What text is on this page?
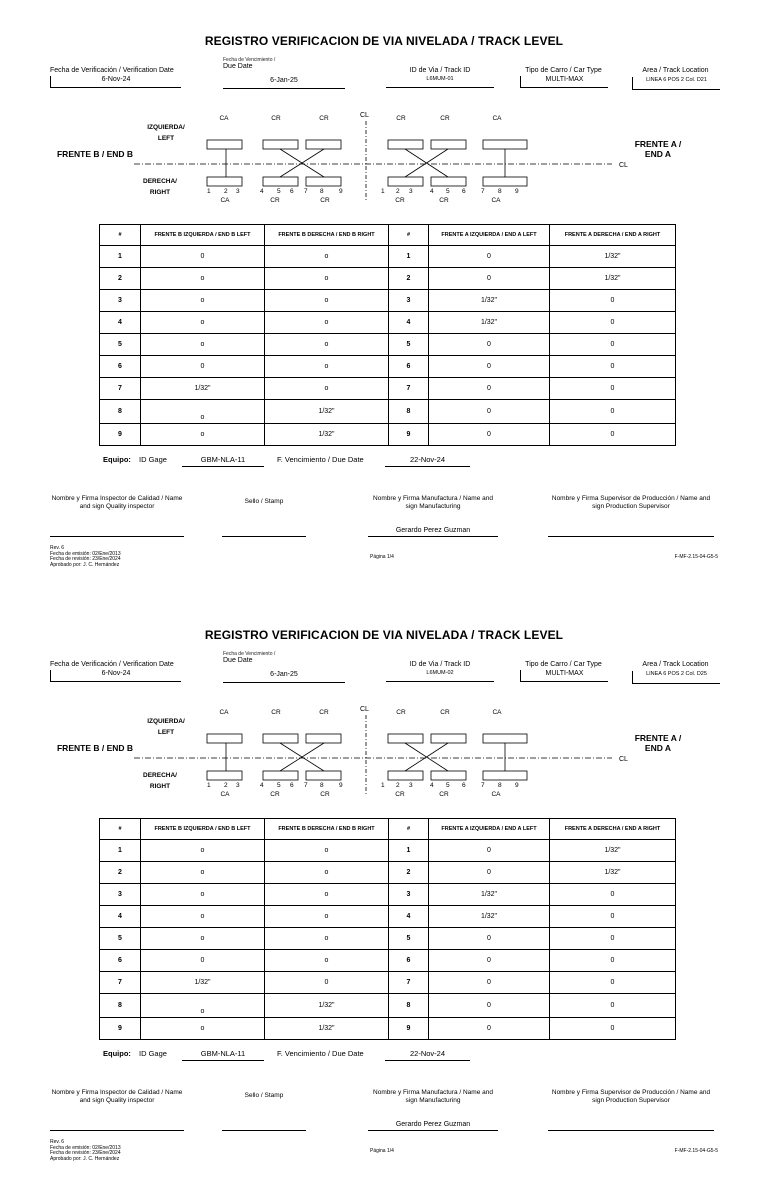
REGISTRO VERIFICACION DE VIA NIVELADA / TRACK LEVEL
Fecha de Verificación / Verification Date
6-Nov-24
Fecha de Vencimiento /
Due Date
6-Jan-25
ID de Via / Track ID
L6MUM-01
Tipo de Carro / Car Type
MULTI-MAX
Area / Track Location
LINEA 6 POS 2 Col. D21
IZQUIERDA/
LEFT
DERECHA/
RIGHT
FRENTE B / END B
FRENTE A / END A
CL
CL
CA	CR	CR	CR	CR	CA
CA	CR	CR	CR	CR	CA
1 2 3	4 5 6 7 8 9	1 2 3	4 5 6 7 8 9
#	FRENTE B IZQUIERDA / END B LEFT	FRENTE B DERECHA / END B RIGHT	#	FRENTE A IZQUIERDA / END A LEFT	FRENTE A DERECHA / END A RIGHT
1	0	o	1	0	1/32"
2	o	o	2	0	1/32"
3	o	o	3	1/32"	0
4	o	o	4	1/32"	0
5	o	o	5	0	0
6	0	o	6	0	0
7	1/32"	o	7	0	0
8	o	1/32"	8	0	0
9	o	1/32"	9	0	0
Equipo: ID Gage	GBM-NLA-11	F. Vencimiento / Due Date	22-Nov-24
Nombre y Firma Inspector de Calidad / Name and sign Quality inspector
Sello / Stamp	Nombre y Firma Manufactura / Name and sign Manufacturing
Nombre y Firma Supervisor de Producción / Name and sign Production Supervisor
Gerardo Perez Guzman
Rev. 6
Fecha de emisión: 02/Ene/2013
Fecha de revisión: 23/Ene/2024
Aprobado por: J. C. Hernández
Página 1/4	F-MF-2.15-04-G5-5
REGISTRO VERIFICACION DE VIA NIVELADA / TRACK LEVEL
Fecha de Verificación / Verification Date
6-Nov-24
Fecha de Vencimiento /
Due Date
6-Jan-25
ID de Via / Track ID
L6MUM-02
Tipo de Carro / Car Type
MULTI-MAX
Area / Track Location
LINEA 6 POS 2 Col. D25
IZQUIERDA/
LEFT
DERECHA/
RIGHT
FRENTE B / END B
FRENTE A / END A
CL
CL
CA	CR	CR	CR	CR	CA
CA	CR	CR	CR	CR	CA
1 2 3	4 5 6 7 8 9	1 2 3	4 5 6 7 8 9
#	FRENTE B IZQUIERDA / END B LEFT	FRENTE B DERECHA / END B RIGHT	#	FRENTE A IZQUIERDA / END A LEFT	FRENTE A DERECHA / END A RIGHT
1	o	o	1	0	1/32"
2	o	o	2	0	1/32"
3	o	o	3	1/32"	0
4	o	o	4	1/32"	0
5	o	o	5	0	0
6	0	o	6	0	0
7	1/32"	0	7	0	0
8	o	1/32"	8	0	0
9	o	1/32"	9	0	0
Equipo: ID Gage	GBM-NLA-11	F. Vencimiento / Due Date	22-Nov-24
Nombre y Firma Inspector de Calidad / Name and sign Quality inspector
Sello / Stamp	Nombre y Firma Manufactura / Name and sign Manufacturing
Nombre y Firma Supervisor de Producción / Name and sign Production Supervisor
Gerardo Perez Guzman
Rev. 6
Fecha de emisión: 02/Ene/2013
Fecha de revisión: 23/Ene/2024
Aprobado por: J. C. Hernández
Página 1/4	F-MF-2.15-04-G5-5
